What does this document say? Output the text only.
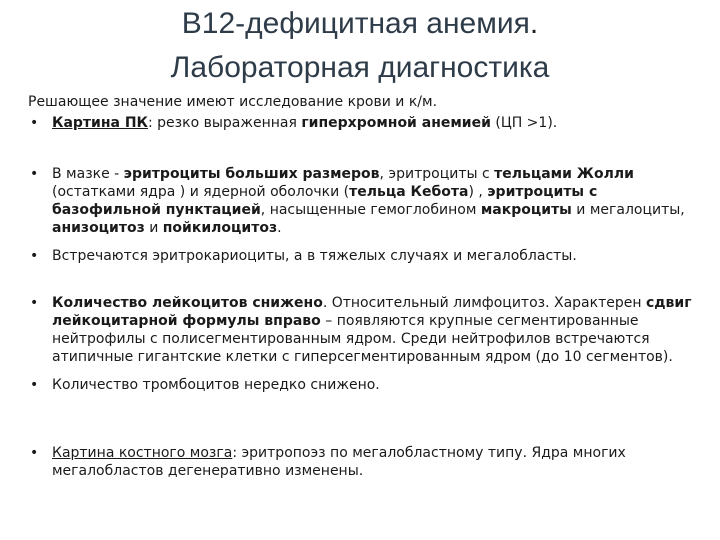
B12-дефицитная анемия.
Лабораторная диагностика
Решающее значение имеют исследование крови и к/м.
• Картина ПК: резко выраженная гиперхромной анемией (ЦП >1).
• В мазке - эритроциты больших размеров, эритроциты с тельцами Жолли (остатками ядра ) и ядерной оболочки (тельца Кебота) , эритроциты с базофильной пунктацией, насыщенные гемоглобином макроциты и мегалоциты, анизоцитоз и пойкилоцитоз.
• Встречаются эритрокариоциты, а в тяжелых случаях и мегалобласты.
• Количество лейкоцитов снижено. Относительный лимфоцитоз. Характерен сдвиг лейкоцитарной формулы вправо – появляются крупные сегментированные нейтрофилы с полисегментированным ядром. Среди нейтрофилов встречаются атипичные гигантские клетки с гиперсегментированным ядром (до 10 сегментов).
• Количество тромбоцитов нередко снижено.
• Картина костного мозга: эритропоэз по мегалобластному типу. Ядра многих мегалобластов дегенеративно изменены.
